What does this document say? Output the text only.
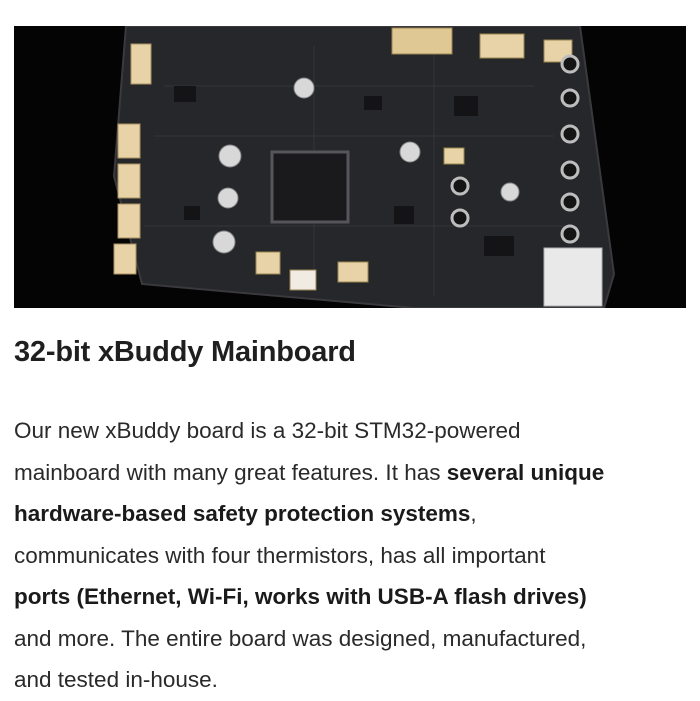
32-bit xBuddy Mainboard

Our new xBuddy board is a 32-bit STM32-powered
mainboard with many great features. It has several unique
hardware-based safety protection systems,
communicates with four thermistors, has all important
ports (Ethernet, Wi-Fi, works with USB-A flash drives)
and more. The entire board was designed, manufactured,
and tested in-house.
